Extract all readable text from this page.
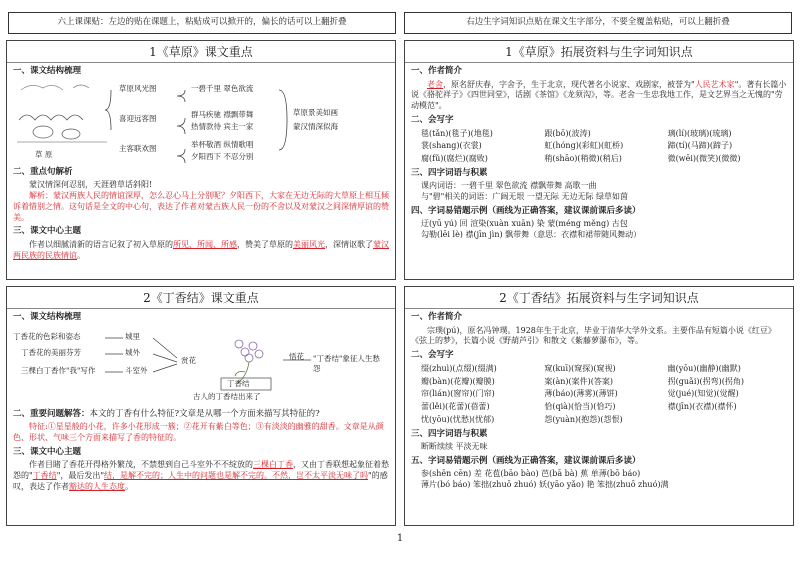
六上课课贴：左边的贴在课题上，粘贴成可以掀开的，偏长的话可以上翻折叠	右边生字词知识点贴在课文生字部分，不要全覆盖粘贴，可以上翻折叠
1《草原》课文重点
一、课文结构梳理
草 原
草原风光图
喜迎远客图
主客联欢图
一碧千里 翠色欲流
群马疾驰 襟飘带舞
热情款待 宾主一家
举杯敬酒 纵情歌唱
夕阳西下 不忍分别
草原景美如画
蒙汉情深似海
二、重点句解析
蒙汉情深何忍别，天涯碧草话斜阳!
解析：蒙汉两族人民的情谊深厚，怎么忍心马上分别呢？夕阳西下，大家在无边无际的大草原上相互倾诉着惜别之情。这句话是全文的中心句，表达了作者对蒙古族人民一份的不舍以及对蒙汉之间深情厚谊的赞美。
三、课文中心主题
作者以细腻清新的语言记叙了初入草原的所见、所闻、所感，赞美了草原的美丽风光，深情讴歌了蒙汉两民族的民族情谊。
1《草原》拓展资料与生字词知识点
一、作者简介
老舍，原名舒庆春，字舍予，生于北京，现代著名小说家、戏剧家，被誉为"人民艺术家"。著有长篇小说《骆驼祥子》《四世同堂》，话剧《茶馆》《龙须沟》，等。老舍一生忠我地工作，是文艺界当之无愧的"劳动模范"。
二、会写字
毯(tǎn)(毯子)(地毯)	跟(bō)(波涛)	璃(lí)(玻璃)(琉璃)
裳(shang)(衣裳)	虹(hóng)(彩虹)(虹桥)	蹄(tí)(马蹄)(蹄子)
腐(fǔ)(腐烂)(腐败)	稍(shāo)(稍微)(稍后)	微(wēi)(微笑)(微微)
三、四字词语与积累
课内词语：一碧千里 翠色欲流 襟飘带舞 高歌一曲
与"碧"相关的词语：广阔无垠 一望无际 无边无际 绿草如茵
四、字词易错题示例（画线为正确答案，建议课前课后多读）
迂(yū yú) 回 渲染(xuàn xuān) 染 蒙(méng měng) 古包
勾勒(lēi lè) 襟(jīn jìn) 飘带舞（意思：衣襟和裙带随风舞动）
2《丁香结》课文重点
一、课文结构梳理
丁香花的色彩和姿态	城里
丁香花的美丽芬芳	城外
三棵白丁香作"我"写作	斗室外
赏花
丁香结
悟花 "丁香结"象征人生愁怨
古人的丁香结出来了
二、重要问题解答：本文的丁香有什么特征?文章是从哪一个方面来描写其特征的?
特征:①星星般的小花，许多小花形成一簇；②花开有紫白等色；③有淡淡的幽雅的甜香。文章是从颜色、形状、气味三个方面来描写了香的特征的。
三、课文中心主题
作者目睹了香花开得格外繁茂，不禁想到自己斗室外不不绽放的三棵白丁香，又由丁香联想起象征着愁怨的"丁香结"，最后发出"结，是解不完的；人生中的问题也是解不完的。不然，岂不太平淡无味了吗"的感叹，表达了作者豁达的人生态度。
2《丁香结》拓展资料与生字词知识点
一、作者简介
宗璞(pú)，原名冯钟璞。1928年生于北京，毕业于清华大学外文系。主要作品有短篇小说《红豆》《弦上的梦》，长篇小说《野葫芦引》和散文《紫藤萝瀑布》，等。
二、会写字
缀(zhuì)(点缀)(缀满)	窥(kuī)(窥探)(窥视)	幽(yōu)(幽静)(幽默)
瓣(bàn)(花瓣)(瓣膜)	案(àn)(案件)(答案)	拐(guǎi)(拐弯)(拐角)
帘(lián)(窗帘)(门帘)	薄(báo)(薄雾)(薄饼)	觉(jué)(知觉)(觉醒)
蕾(lěi)(花蕾)(蓓蕾)	恰(qià)(恰当)(恰巧)	襟(jīn)(衣襟)(襟怀)
忧(yōu)(忧愁)(忧郁)	怨(yuàn)(抱怨)(怨恨)
三、四字词语与积累
断断续续 平淡无味
五、字词易错题示例（画线为正确答案，建议课前课后多读）
参(shēn cēn) 差 花苞(bāo bào) 芭(bā bà) 蕉 单薄(bō báo)
薄片(bó báo) 笨拙(zhuō zhuó) 妖(yāo yǎo) 艳 笨拙(zhuō zhuó)满
1
